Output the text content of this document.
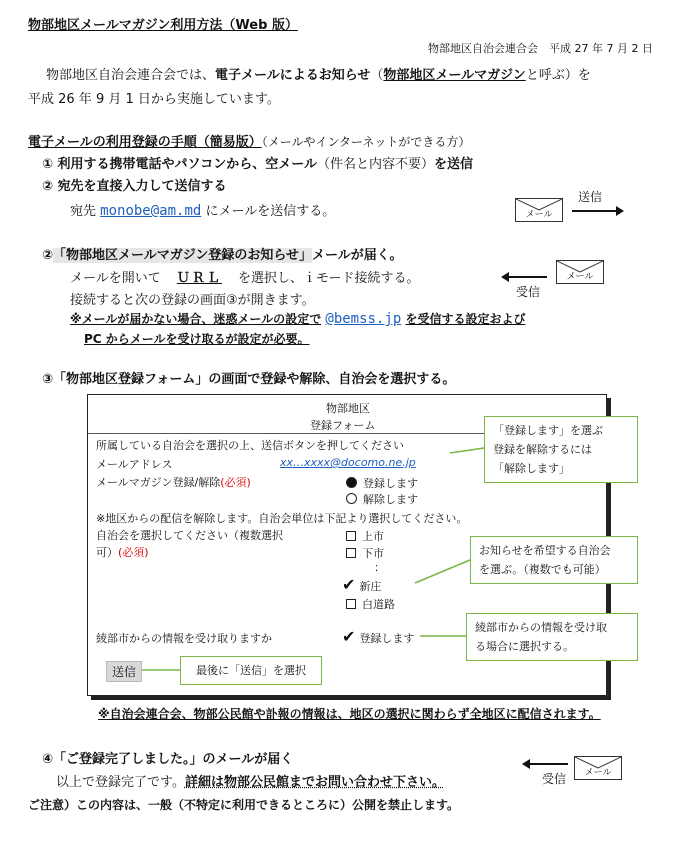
物部地区メールマガジン利用方法（Web 版）
物部地区自治会連合会　平成 27 年 7 月 2 日
物部地区自治会連合会では、電子メールによるお知らせ（物部地区メールマガジンと呼ぶ）を
平成 26 年 9 月 1 日から実施しています。
電子メールの利用登録の手順（簡易版）（メールやインターネットができる方）
① 利用する携帯電話やパソコンから、空メール（件名と内容不要）を送信
② 宛先を直接入力して送信する
宛先 monobe@am.md にメールを送信する。	メール
送信
②「物部地区メールマガジン登録のお知らせ」メールが届く。
メールを開いて ＵＲＬ を選択し、ｉモード接続する。
接続すると次の登録の画面③が開きます。
※メールが届かない場合、迷惑メールの設定で @bemss.jp を受信する設定および
PC からメールを受け取るが設定が必要。
メール
受信
③「物部地区登録フォーム」の画面で登録や解除、自治会を選択する。
物部地区
登録フォーム
所属している自治会を選択の上、送信ボタンを押してください
メールアドレス	xx…xxxx@docomo.ne.jp
メールマガジン登録/解除(必須)	登録します
解除します
※地区からの配信を解除します。自治会単位は下記より選択してください。
自治会を選択してください（複数選択
可）(必須)
上市
下市
：
✔ 新庄
白道路
綾部市からの情報を受け取りますか	✔ 登録します
送信
「登録します」を選ぶ
登録を解除するには
「解除します」
お知らせを希望する自治会
を選ぶ。（複数でも可能）
綾部市からの情報を受け取
る場合に選択する。
最後に「送信」を選択
※自治会連合会、物部公民館や訃報の情報は、地区の選択に関わらず全地区に配信されます。
④「ご登録完了しました。」のメールが届く
以上で登録完了です。詳細は物部公民館までお問い合わせ下さい。
ご注意）この内容は、一般（不特定に利用できるところに）公開を禁止します。
メール
受信
